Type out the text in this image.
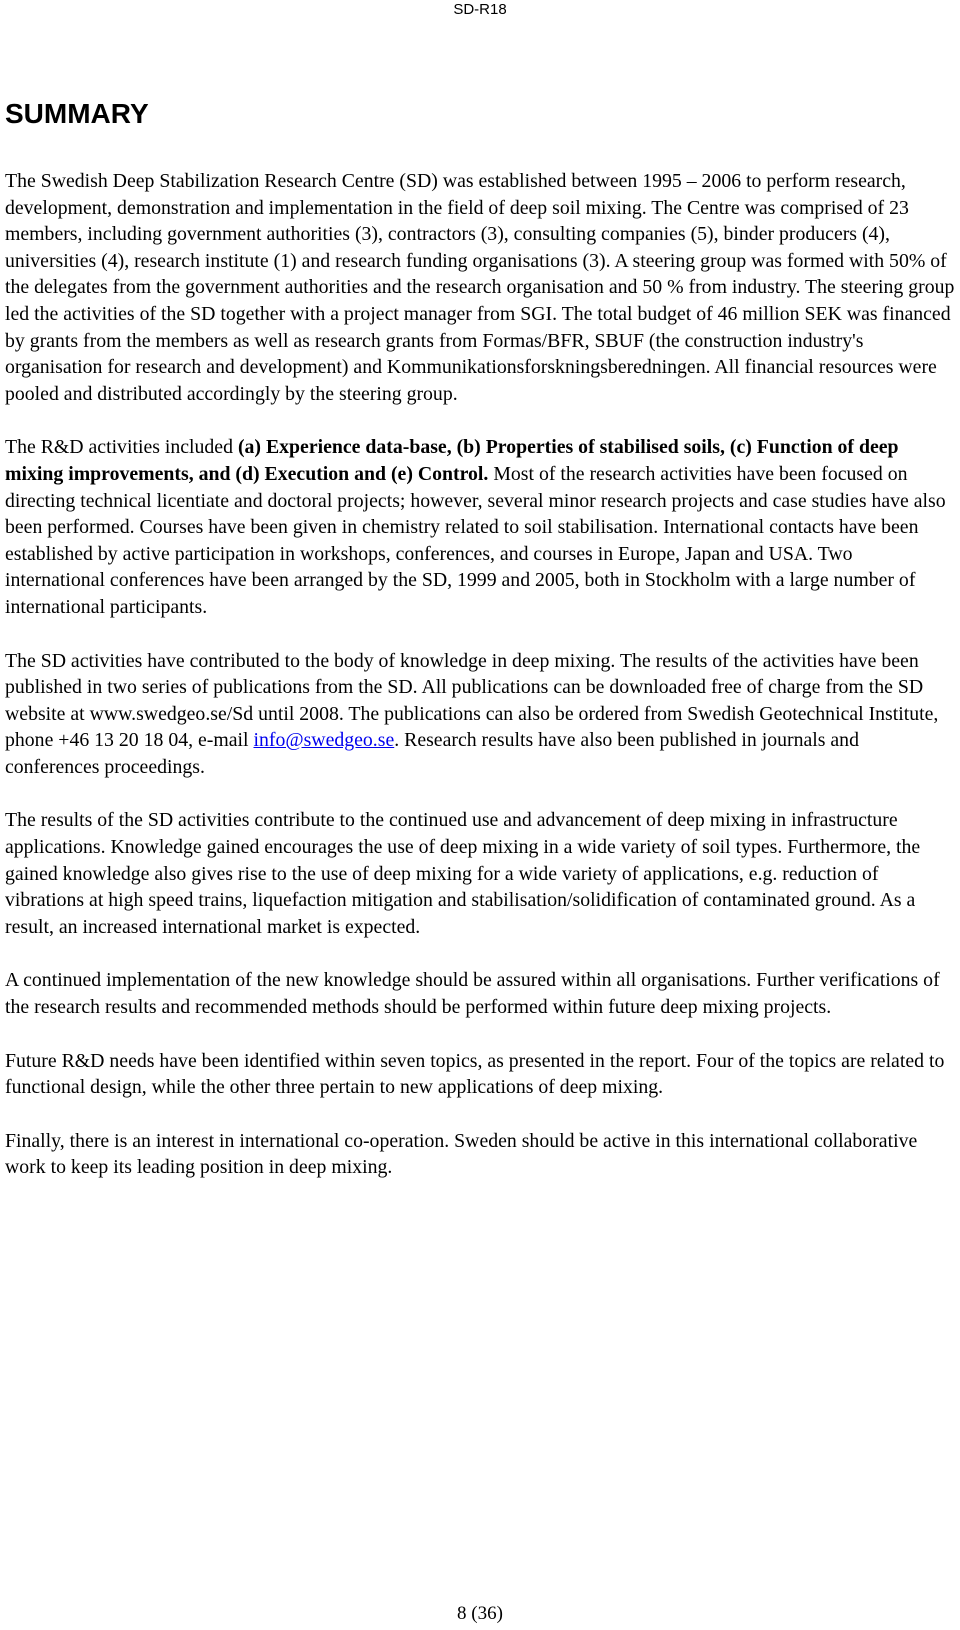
SD-R18
SUMMARY

The Swedish Deep Stabilization Research Centre (SD) was established between 1995 – 2006 to perform research, development, demonstration and implementation in the field of deep soil mixing. The Centre was comprised of 23 members, including government authorities (3), contractors (3), consulting companies (5), binder producers (4), universities (4), research institute (1) and research funding organisations (3). A steering group was formed with 50% of the delegates from the government authorities and the research organisation and 50 % from industry. The steering group led the activities of the SD together with a project manager from SGI. The total budget of 46 million SEK was financed by grants from the members as well as research grants from Formas/BFR, SBUF (the construction industry's organisation for research and development) and Kommunikationsforskningsberedningen. All financial resources were pooled and distributed accordingly by the steering group.

The R&D activities included (a) Experience data-base, (b) Properties of stabilised soils, (c) Function of deep mixing improvements, and (d) Execution and (e) Control. Most of the research activities have been focused on directing technical licentiate and doctoral projects; however, several minor research projects and case studies have also been performed. Courses have been given in chemistry related to soil stabilisation. International contacts have been established by active participation in workshops, conferences, and courses in Europe, Japan and USA. Two international conferences have been arranged by the SD, 1999 and 2005, both in Stockholm with a large number of international participants.

The SD activities have contributed to the body of knowledge in deep mixing. The results of the activities have been published in two series of publications from the SD. All publications can be downloaded free of charge from the SD website at www.swedgeo.se/Sd until 2008. The publications can also be ordered from Swedish Geotechnical Institute, phone +46 13 20 18 04, e-mail info@swedgeo.se. Research results have also been published in journals and conferences proceedings.

The results of the SD activities contribute to the continued use and advancement of deep mixing in infrastructure applications. Knowledge gained encourages the use of deep mixing in a wide variety of soil types. Furthermore, the gained knowledge also gives rise to the use of deep mixing for a wide variety of applications, e.g. reduction of vibrations at high speed trains, liquefaction mitigation and stabilisation/solidification of contaminated ground. As a result, an increased international market is expected.

A continued implementation of the new knowledge should be assured within all organisations. Further verifications of the research results and recommended methods should be performed within future deep mixing projects.

Future R&D needs have been identified within seven topics, as presented in the report. Four of the topics are related to functional design, while the other three pertain to new applications of deep mixing.

Finally, there is an interest in international co-operation. Sweden should be active in this international collaborative work to keep its leading position in deep mixing.

8 (36)
